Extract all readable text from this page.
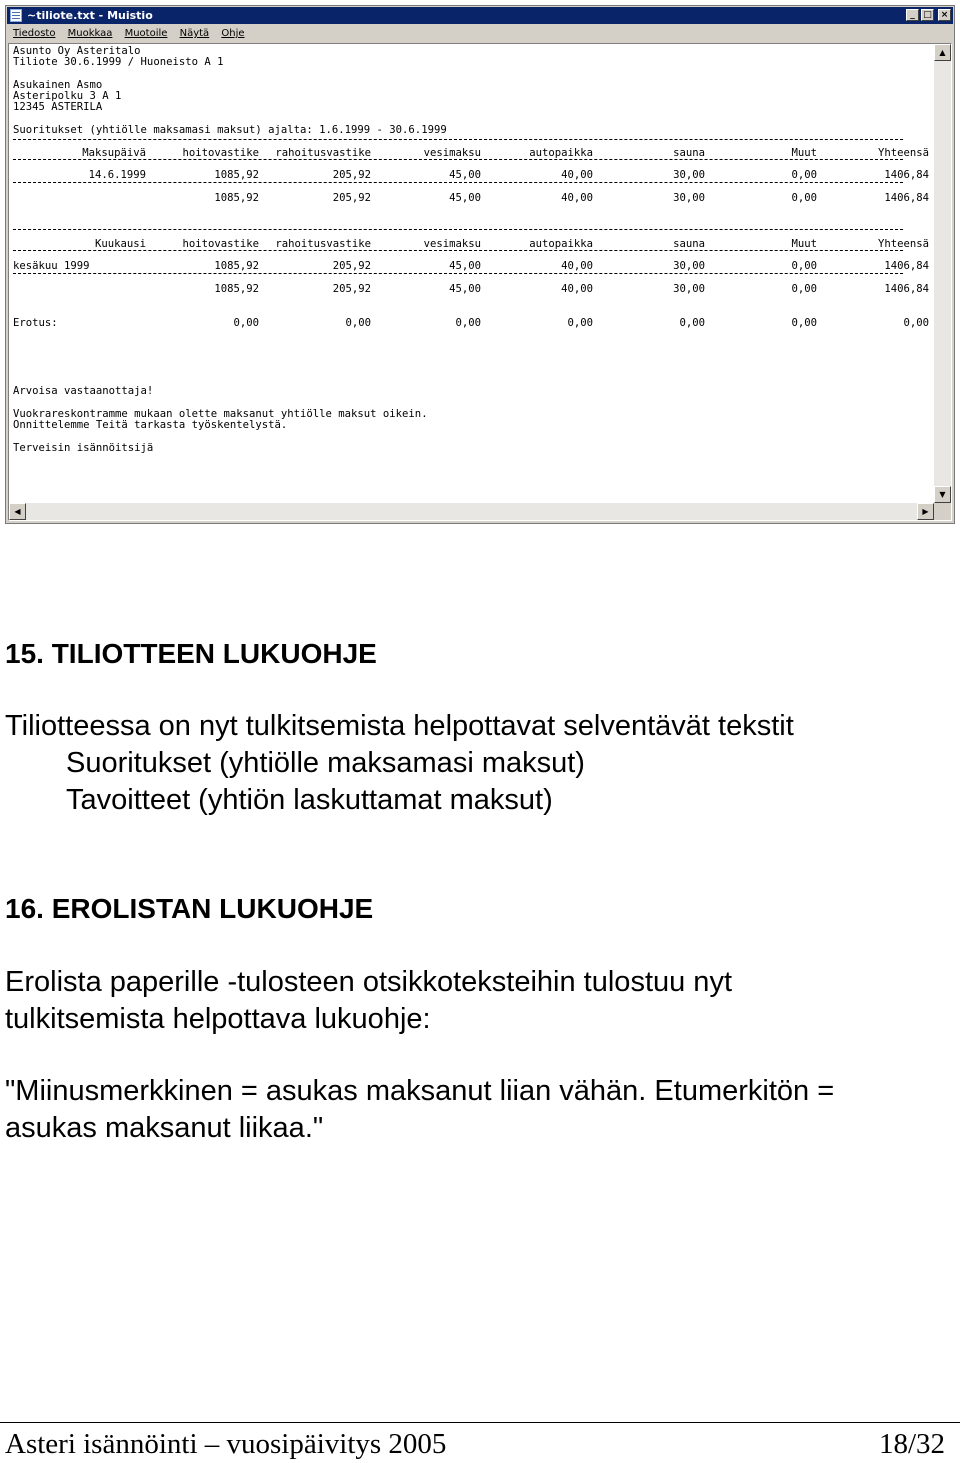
~tiliote.txt - Muistio	_ □ ×
Tiedosto Muokkaa Muotoile Näytä Ohje
Asunto Oy Asteritalo
Tiliote 30.6.1999 / Huoneisto A 1
Asukainen Asmo
Asteripolku 3 A 1
12345 ASTERILA
Suoritukset (yhtiölle maksamasi maksut) ajalta: 1.6.1999 - 30.6.1999
Maksupäivä	hoitovastike rahoitusvastike	vesimaksu	autopaikka	sauna	Muut	Yhteensä
14.6.1999	1085,92	205,92	45,00	40,00	30,00	0,00	1406,84
1085,92	205,92	45,00	40,00	30,00	0,00	1406,84
Kuukausi	hoitovastike rahoitusvastike	vesimaksu	autopaikka	sauna	Muut	Yhteensä
kesäkuu 1999	1085,92	205,92	45,00	40,00	30,00	0,00	1406,84
1085,92	205,92	45,00	40,00	30,00	0,00	1406,84
Erotus:	0,00	0,00	0,00	0,00	0,00	0,00	0,00
Arvoisa vastaanottaja!
Vuokrareskontramme mukaan olette maksanut yhtiölle maksut oikein.
Onnittelemme Teitä tarkasta työskentelystä.
Terveisin isännöitsijä
▲
▼
◀	▶
15. TILIOTTEEN LUKUOHJE
Tiliotteessa on nyt tulkitsemista helpottavat selventävät tekstit
Suoritukset (yhtiölle maksamasi maksut)
Tavoitteet (yhtiön laskuttamat maksut)
16. EROLISTAN LUKUOHJE
Erolista paperille -tulosteen otsikkoteksteihin tulostuu nyt
tulkitsemista helpottava lukuohje:
"Miinusmerkkinen = asukas maksanut liian vähän. Etumerkitön =
asukas maksanut liikaa."
Asteri isännöinti – vuosipäivitys 2005	18/32
